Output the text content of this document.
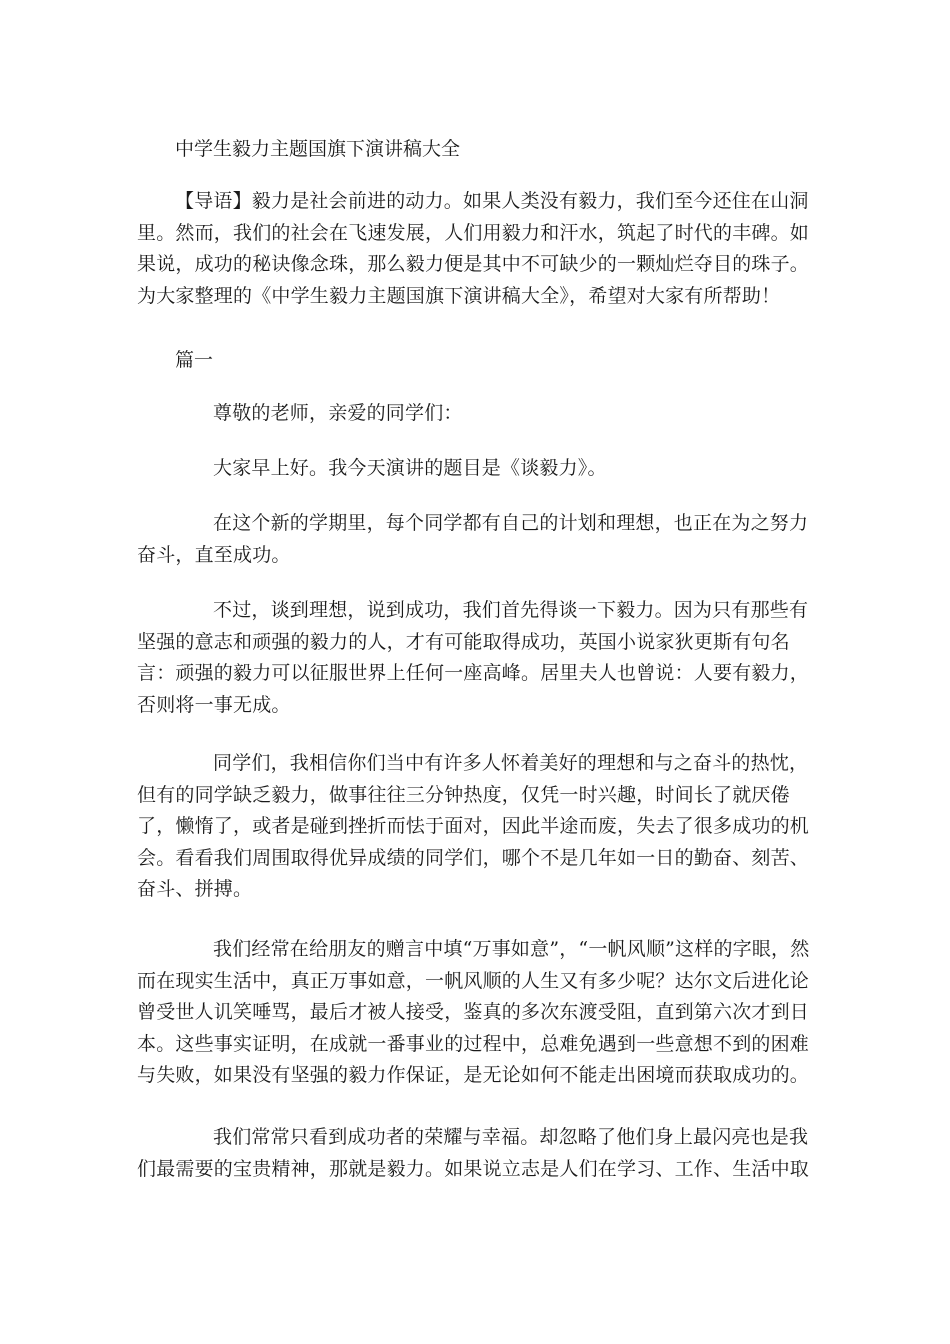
中学生毅力主题国旗下演讲稿大全

【导语】毅力是社会前进的动力。如果人类没有毅力，我们至今还住在山洞里。然而，我们的社会在飞速发展，人们用毅力和汗水，筑起了时代的丰碑。如果说，成功的秘诀像念珠，那么毅力便是其中不可缺少的一颗灿烂夺目的珠子。为大家整理的《中学生毅力主题国旗下演讲稿大全》，希望对大家有所帮助！

篇一

尊敬的老师，亲爱的同学们：

大家早上好。我今天演讲的题目是《谈毅力》。

在这个新的学期里，每个同学都有自己的计划和理想，也正在为之努力奋斗，直至成功。

不过，谈到理想，说到成功，我们首先得谈一下毅力。因为只有那些有坚强的意志和顽强的毅力的人，才有可能取得成功，英国小说家狄更斯有句名言：顽强的毅力可以征服世界上任何一座高峰。居里夫人也曾说：人要有毅力，否则将一事无成。

同学们，我相信你们当中有许多人怀着美好的理想和与之奋斗的热忱，但有的同学缺乏毅力，做事往往三分钟热度，仅凭一时兴趣，时间长了就厌倦了，懒惰了，或者是碰到挫折而怯于面对，因此半途而废，失去了很多成功的机会。看看我们周围取得优异成绩的同学们，哪个不是几年如一日的勤奋、刻苦、奋斗、拼搏。

我们经常在给朋友的赠言中填“万事如意”，“一帆风顺”这样的字眼，然而在现实生活中，真正万事如意，一帆风顺的人生又有多少呢？达尔文后进化论曾受世人讥笑唾骂，最后才被人接受，鉴真的多次东渡受阻，直到第六次才到日本。这些事实证明，在成就一番事业的过程中，总难免遇到一些意想不到的困难与失败，如果没有坚强的毅力作保证，是无论如何不能走出困境而获取成功的。

我们常常只看到成功者的荣耀与幸福。却忽略了他们身上最闪亮也是我们最需要的宝贵精神，那就是毅力。如果说立志是人们在学习、工作、生活中取
